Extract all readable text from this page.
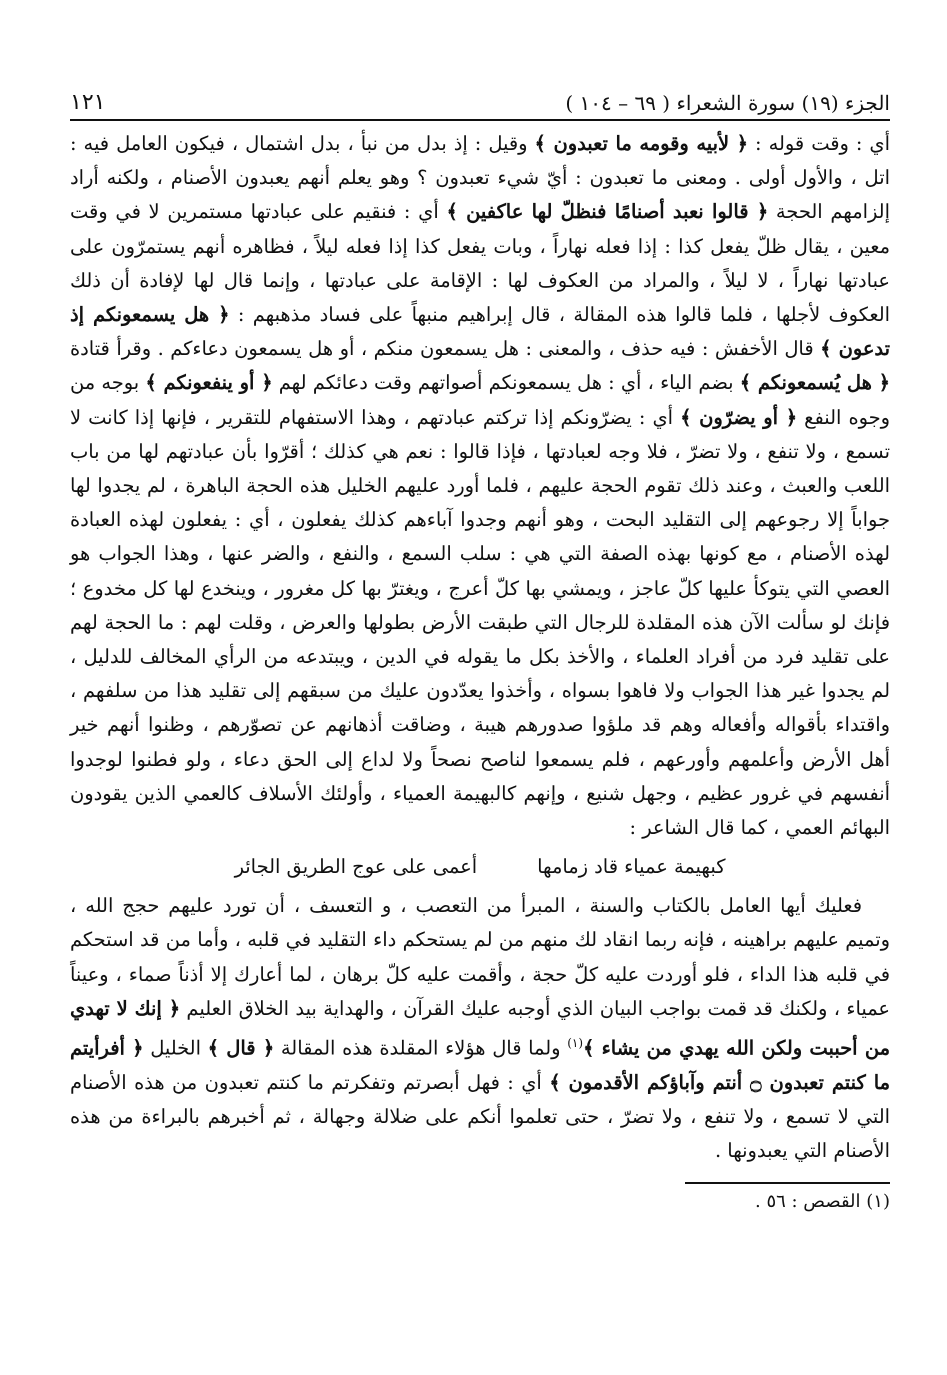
الجزء (١٩) سورة الشعراء ( ٦٩ – ١٠٤ )
١٢١

أي : وقت قوله : ﴿ لأبيه وقومه ما تعبدون ﴾ وقيل : إذ بدل من نبأ ، بدل اشتمال ، فيكون العامل فيه : اتل ، والأول أولى . ومعنى ما تعبدون : أيّ شيء تعبدون ؟ وهو يعلم أنهم يعبدون الأصنام ، ولكنه أراد إلزامهم الحجة ﴿ قالوا نعبد أصنامًا فنظلّ لها عاكفين ﴾ أي : فنقيم على عبادتها مستمرين لا في وقت معين ، يقال ظلّ يفعل كذا : إذا فعله نهاراً ، وبات يفعل كذا إذا فعله ليلاً ، فظاهره أنهم يستمرّون على عبادتها نهاراً ، لا ليلاً ، والمراد من العكوف لها : الإقامة على عبادتها ، وإنما قال لها لإفادة أن ذلك العكوف لأجلها ، فلما قالوا هذه المقالة ، قال إبراهيم منبهاً على فساد مذهبهم : ﴿ هل يسمعونكم إذ تدعون ﴾ قال الأخفش : فيه حذف ، والمعنى : هل يسمعون منكم ، أو هل يسمعون دعاءكم . وقرأ قتادة ﴿ هل يُسمعونكم ﴾ بضم الياء ، أي : هل يسمعونكم أصواتهم وقت دعائكم لهم ﴿ أو ينفعونكم ﴾ بوجه من وجوه النفع ﴿ أو يضرّون ﴾ أي : يضرّونكم إذا تركتم عبادتهم ، وهذا الاستفهام للتقرير ، فإنها إذا كانت لا تسمع ، ولا تنفع ، ولا تضرّ ، فلا وجه لعبادتها ، فإذا قالوا : نعم هي كذلك ؛ أقرّوا بأن عبادتهم لها من باب اللعب والعبث ، وعند ذلك تقوم الحجة عليهم ، فلما أورد عليهم الخليل هذه الحجة الباهرة ، لم يجدوا لها جواباً إلا رجوعهم إلى التقليد البحت ، وهو أنهم وجدوا آباءهم كذلك يفعلون ، أي : يفعلون لهذه العبادة لهذه الأصنام ، مع كونها بهذه الصفة التي هي : سلب السمع ، والنفع ، والضر عنها ، وهذا الجواب هو العصي التي يتوكأ عليها كلّ عاجز ، ويمشي بها كلّ أعرج ، ويغترّ بها كل مغرور ، وينخدع لها كل مخدوع ؛ فإنك لو سألت الآن هذه المقلدة للرجال التي طبقت الأرض بطولها والعرض ، وقلت لهم : ما الحجة لهم على تقليد فرد من أفراد العلماء ، والأخذ بكل ما يقوله في الدين ، ويبتدعه من الرأي المخالف للدليل ، لم يجدوا غير هذا الجواب ولا فاهوا بسواه ، وأخذوا يعدّدون عليك من سبقهم إلى تقليد هذا من سلفهم ، واقتداء بأقواله وأفعاله وهم قد ملؤوا صدورهم هيبة ، وضاقت أذهانهم عن تصوّرهم ، وظنوا أنهم خير أهل الأرض وأعلمهم وأورعهم ، فلم يسمعوا لناصح نصحاً ولا لداع إلى الحق دعاء ، ولو فطنوا لوجدوا أنفسهم في غرور عظيم ، وجهل شنيع ، وإنهم كالبهيمة العمياء ، وأولئك الأسلاف كالعمي الذين يقودون البهائم العمي ، كما قال الشاعر :

كبهيمة عمياء قاد زمامها
أعمى على عوج الطريق الجائر

فعليك أيها العامل بالكتاب والسنة ، المبرأ من التعصب ، و التعسف ، أن تورد عليهم حجج الله ، وتميم عليهم براهينه ، فإنه ربما انقاد لك منهم من لم يستحكم داء التقليد في قلبه ، وأما من قد استحكم في قلبه هذا الداء ، فلو أوردت عليه كلّ حجة ، وأقمت عليه كلّ برهان ، لما أعارك إلا أذناً صماء ، وعيناً عمياء ، ولكنك قد قمت بواجب البيان الذي أوجبه عليك القرآن ، والهداية بيد الخلاق العليم ﴿ إنك لا تهدي من أحببت ولكن الله يهدي من يشاء ﴾$^{(١)}$ ولما قال هؤلاء المقلدة هذه المقالة ﴿ قال ﴾ الخليل ﴿ أفرأيتم ما كنتم تعبدون ۝ أنتم وآباؤكم الأقدمون ﴾ أي : فهل أبصرتم وتفكرتم ما كنتم تعبدون من هذه الأصنام التي لا تسمع ، ولا تنفع ، ولا تضرّ ، حتى تعلموا أنكم على ضلالة وجهالة ، ثم أخبرهم بالبراءة من هذه الأصنام التي يعبدونها .

(١) القصص : ٥٦ .
